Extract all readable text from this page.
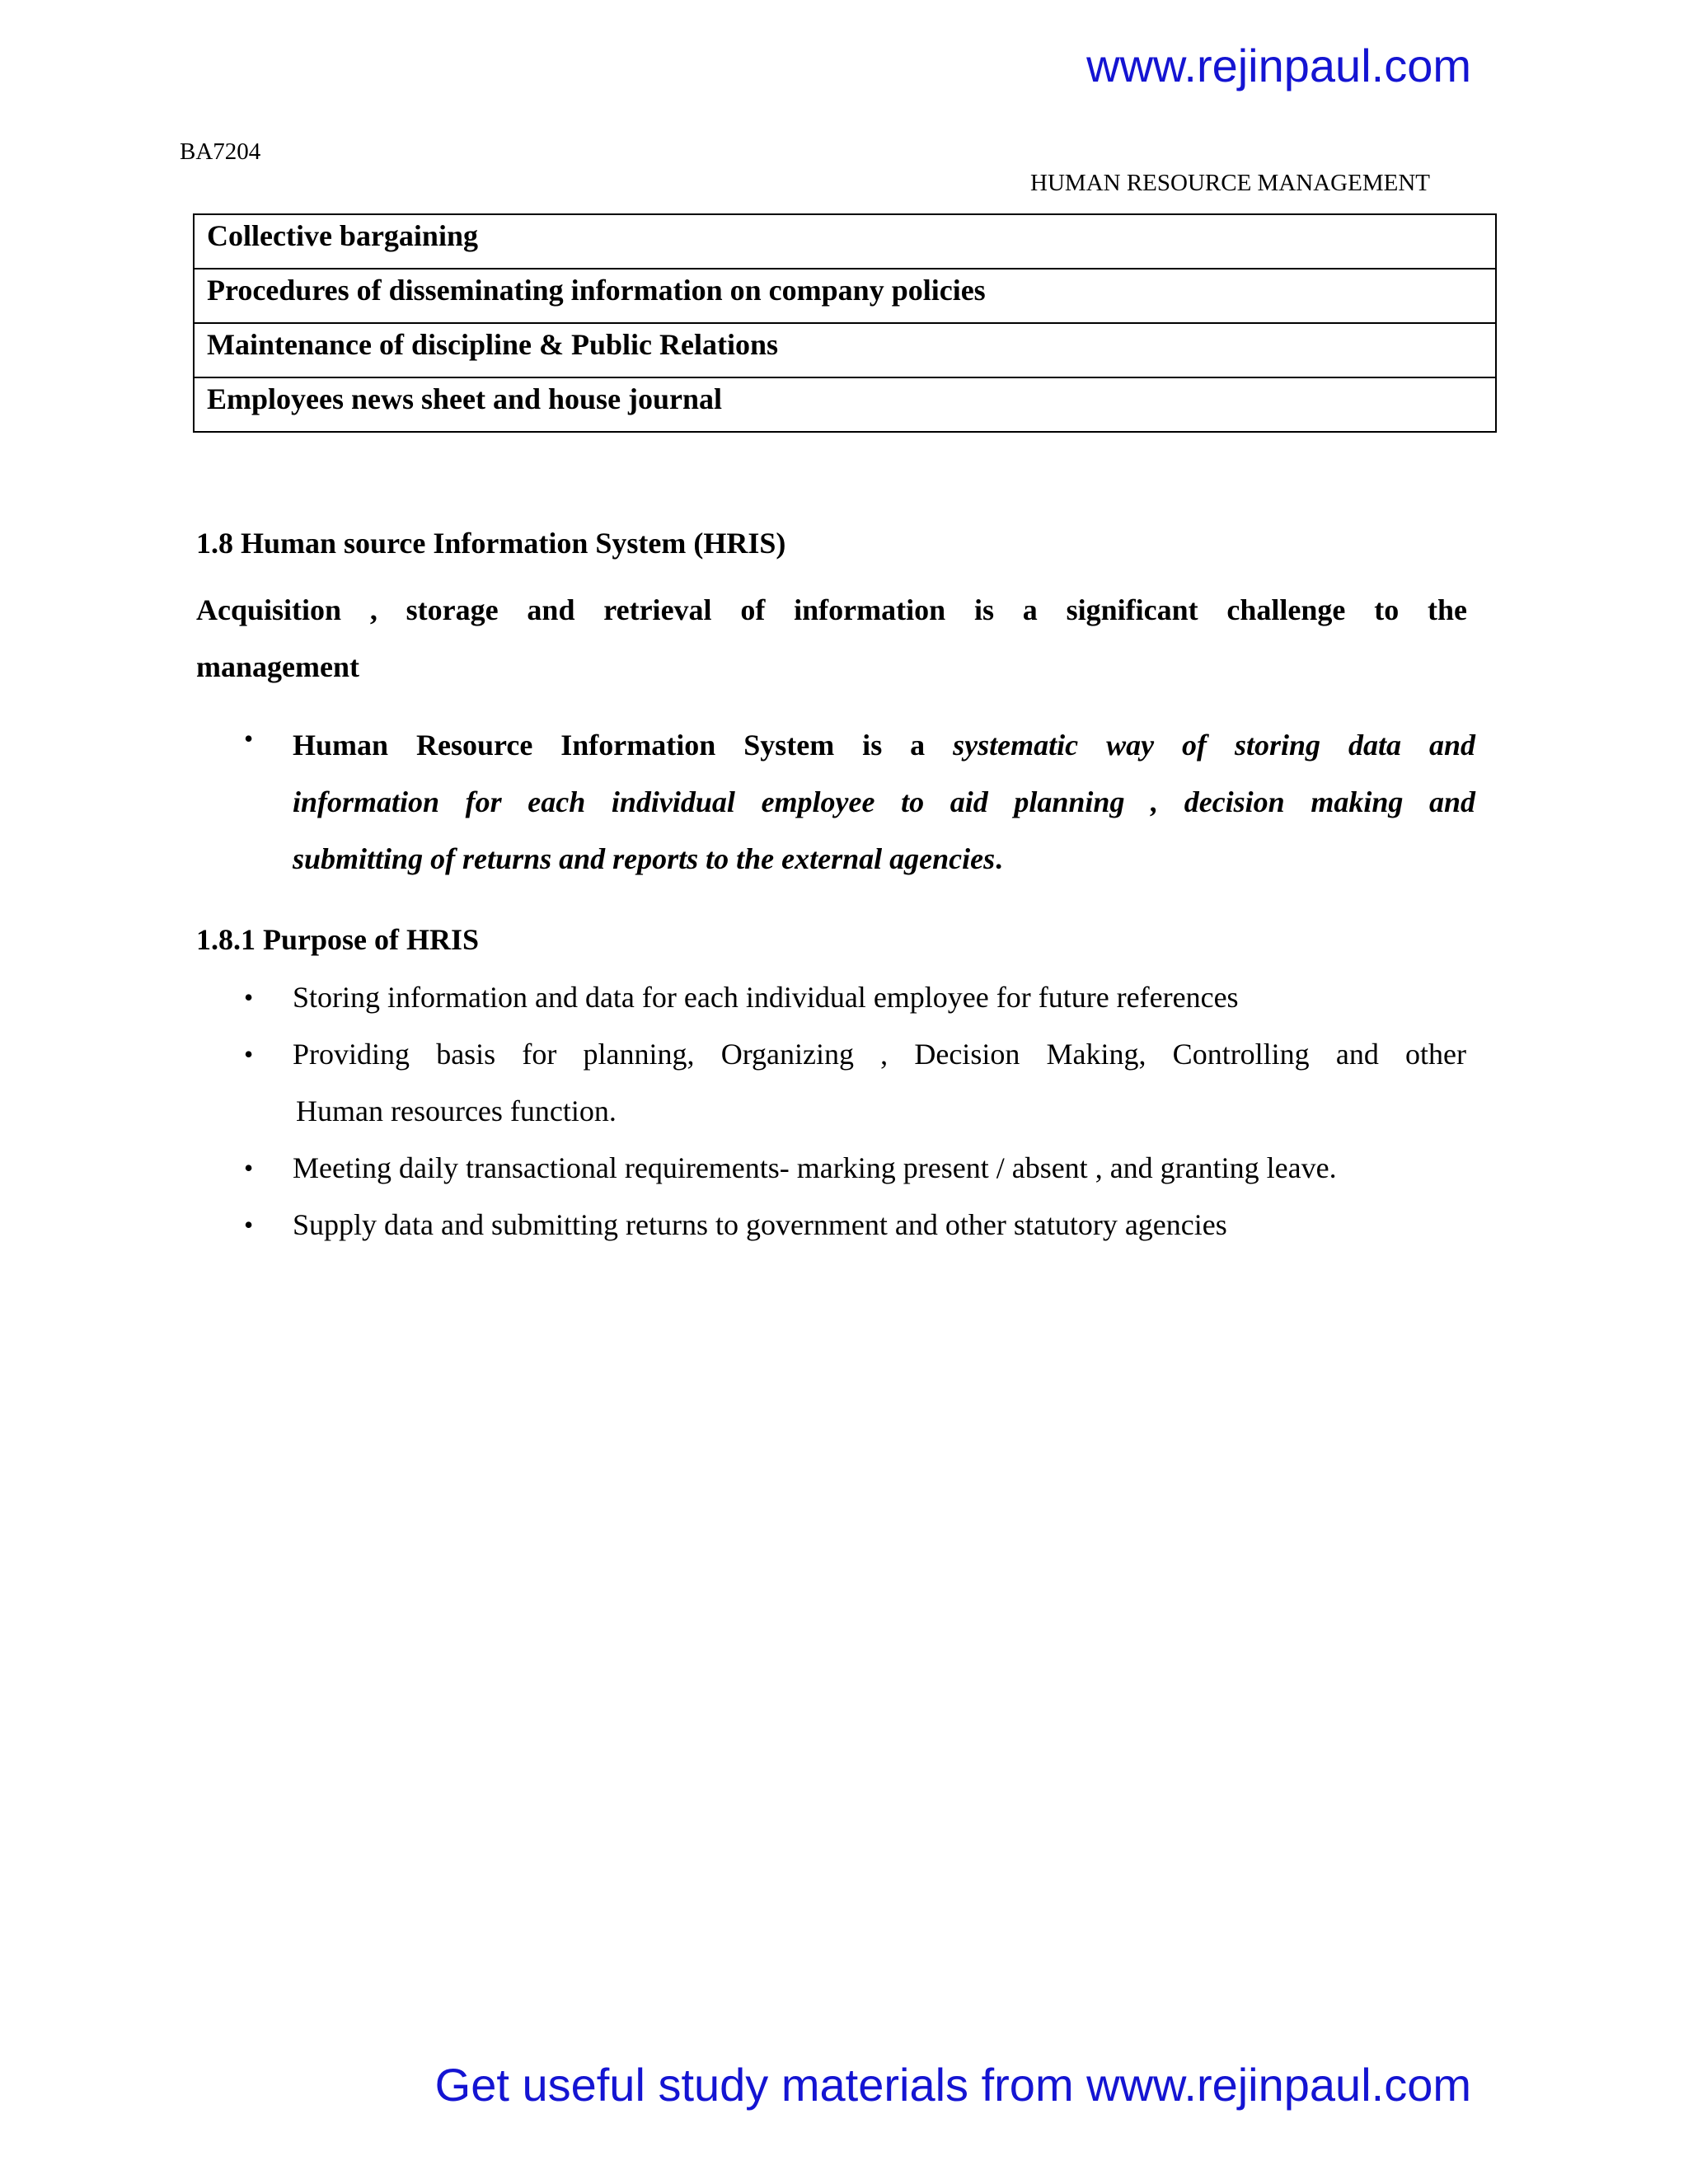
www.rejinpaul.com
BA7204
HUMAN RESOURCE MANAGEMENT
Collective bargaining
Procedures of disseminating information on company policies
Maintenance of discipline & Public Relations
Employees news sheet and house journal
1.8 Human source Information System (HRIS)
Acquisition , storage and retrieval of information is a significant challenge to the
management
• Human Resource Information System is a systematic way of storing data and
information for each individual employee to aid planning , decision making and
submitting of returns and reports to the external agencies.
1.8.1 Purpose of HRIS
• Storing information and data for each individual employee for future references
• Providing basis for planning, Organizing , Decision Making, Controlling and other
Human resources function.
• Meeting daily transactional requirements- marking present / absent , and granting leave.
• Supply data and submitting returns to government and other statutory agencies
Get useful study materials from www.rejinpaul.com
